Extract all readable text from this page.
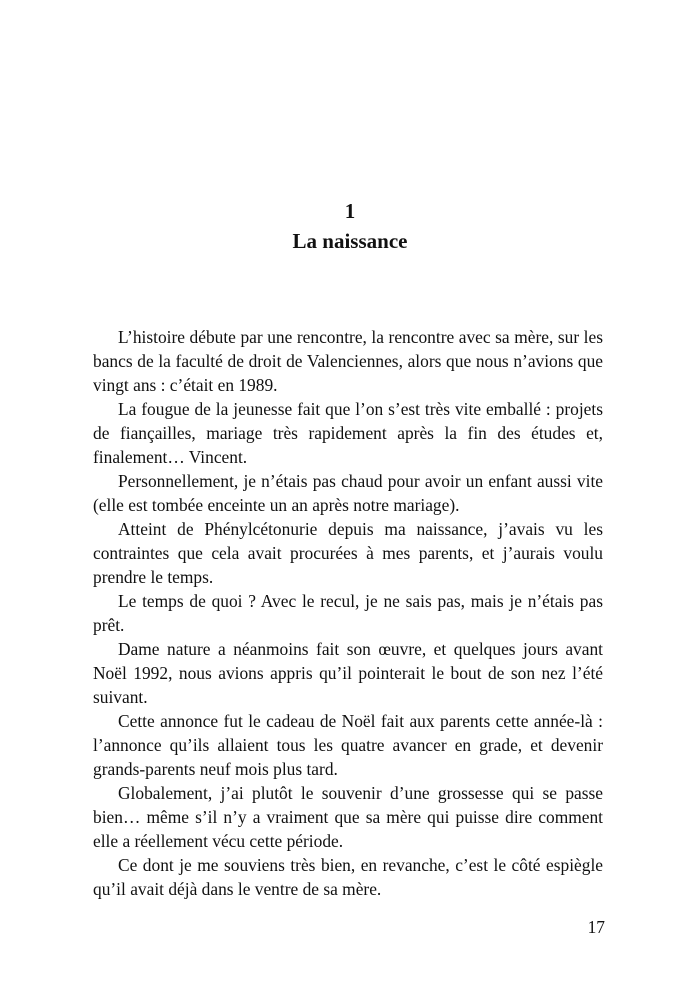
1
La naissance

L’histoire débute par une rencontre, la rencontre avec sa mère, sur les bancs de la faculté de droit de Valenciennes, alors que nous n’avions que vingt ans : c’était en 1989.

La fougue de la jeunesse fait que l’on s’est très vite emballé : projets de fiançailles, mariage très rapidement après la fin des études et, finalement… Vincent.

Personnellement, je n’étais pas chaud pour avoir un enfant aussi vite (elle est tombée enceinte un an après notre mariage).

Atteint de Phénylcétonurie depuis ma naissance, j’avais vu les contraintes que cela avait procurées à mes parents, et j’aurais voulu prendre le temps.

Le temps de quoi ? Avec le recul, je ne sais pas, mais je n’étais pas prêt.

Dame nature a néanmoins fait son œuvre, et quelques jours avant Noël 1992, nous avions appris qu’il pointerait le bout de son nez l’été suivant.

Cette annonce fut le cadeau de Noël fait aux parents cette année-là : l’annonce qu’ils allaient tous les quatre avancer en grade, et devenir grands-parents neuf mois plus tard.

Globalement, j’ai plutôt le souvenir d’une grossesse qui se passe bien… même s’il n’y a vraiment que sa mère qui puisse dire comment elle a réellement vécu cette période.

Ce dont je me souviens très bien, en revanche, c’est le côté espiègle qu’il avait déjà dans le ventre de sa mère.

17
